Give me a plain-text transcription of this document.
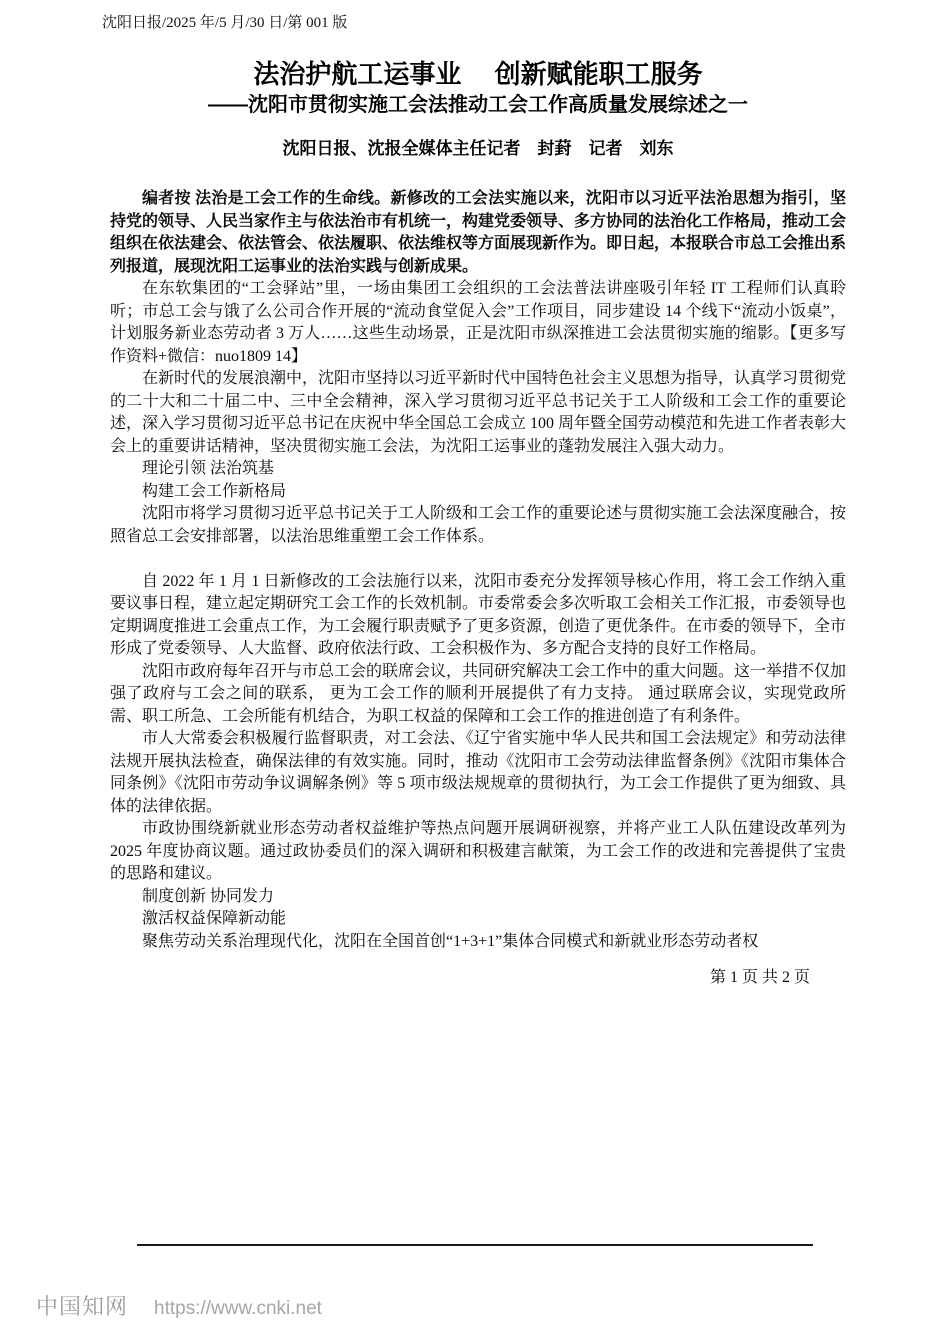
沈阳日报/2025 年/5 月/30 日/第 001 版
法治护航工运事业　 创新赋能职工服务
——沈阳市贯彻实施工会法推动工会工作高质量发展综述之一
沈阳日报、沈报全媒体主任记者　封葑　记者　刘东

编者按 法治是工会工作的生命线。新修改的工会法实施以来，沈阳市以习近平法治思想为指引，坚持党的领导、人民当家作主与依法治市有机统一，构建党委领导、多方协同的法治化工作格局，推动工会组织在依法建会、依法管会、依法履职、依法维权等方面展现新作为。即日起，本报联合市总工会推出系列报道，展现沈阳工运事业的法治实践与创新成果。

在东软集团的“工会驿站”里，一场由集团工会组织的工会法普法讲座吸引年轻 IT 工程师们认真聆听；市总工会与饿了么公司合作开展的“流动食堂促入会”工作项目，同步建设 14 个线下“流动小饭桌”，计划服务新业态劳动者 3 万人……这些生动场景，正是沈阳市纵深推进工会法贯彻实施的缩影。【更多写作资料+微信：nuo1809 14】

在新时代的发展浪潮中，沈阳市坚持以习近平新时代中国特色社会主义思想为指导，认真学习贯彻党的二十大和二十届二中、三中全会精神，深入学习贯彻习近平总书记关于工人阶级和工会工作的重要论述，深入学习贯彻习近平总书记在庆祝中华全国总工会成立 100 周年暨全国劳动模范和先进工作者表彰大会上的重要讲话精神，坚决贯彻实施工会法，为沈阳工运事业的蓬勃发展注入强大动力。

理论引领 法治筑基

构建工会工作新格局

沈阳市将学习贯彻习近平总书记关于工人阶级和工会工作的重要论述与贯彻实施工会法深度融合，按照省总工会安排部署，以法治思维重塑工会工作体系。

自 2022 年 1 月 1 日新修改的工会法施行以来，沈阳市委充分发挥领导核心作用，将工会工作纳入重要议事日程，建立起定期研究工会工作的长效机制。市委常委会多次听取工会相关工作汇报，市委领导也定期调度推进工会重点工作，为工会履行职责赋予了更多资源，创造了更优条件。在市委的领导下，全市形成了党委领导、人大监督、政府依法行政、工会积极作为、多方配合支持的良好工作格局。

沈阳市政府每年召开与市总工会的联席会议，共同研究解决工会工作中的重大问题。这一举措不仅加强了政府与工会之间的联系， 更为工会工作的顺利开展提供了有力支持。 通过联席会议，实现党政所需、职工所急、工会所能有机结合，为职工权益的保障和工会工作的推进创造了有利条件。

市人大常委会积极履行监督职责，对工会法、《辽宁省实施中华人民共和国工会法规定》和劳动法律法规开展执法检查，确保法律的有效实施。同时，推动《沈阳市工会劳动法律监督条例》《沈阳市集体合同条例》《沈阳市劳动争议调解条例》等 5 项市级法规规章的贯彻执行，为工会工作提供了更为细致、具体的法律依据。

市政协围绕新就业形态劳动者权益维护等热点问题开展调研视察，并将产业工人队伍建设改革列为 2025 年度协商议题。通过政协委员们的深入调研和积极建言献策，为工会工作的改进和完善提供了宝贵的思路和建议。

制度创新 协同发力

激活权益保障新动能

聚焦劳动关系治理现代化，沈阳在全国首创“1+3+1”集体合同模式和新就业形态劳动者权

第 1 页 共 2 页
中国知网 https://www.cnki.net
